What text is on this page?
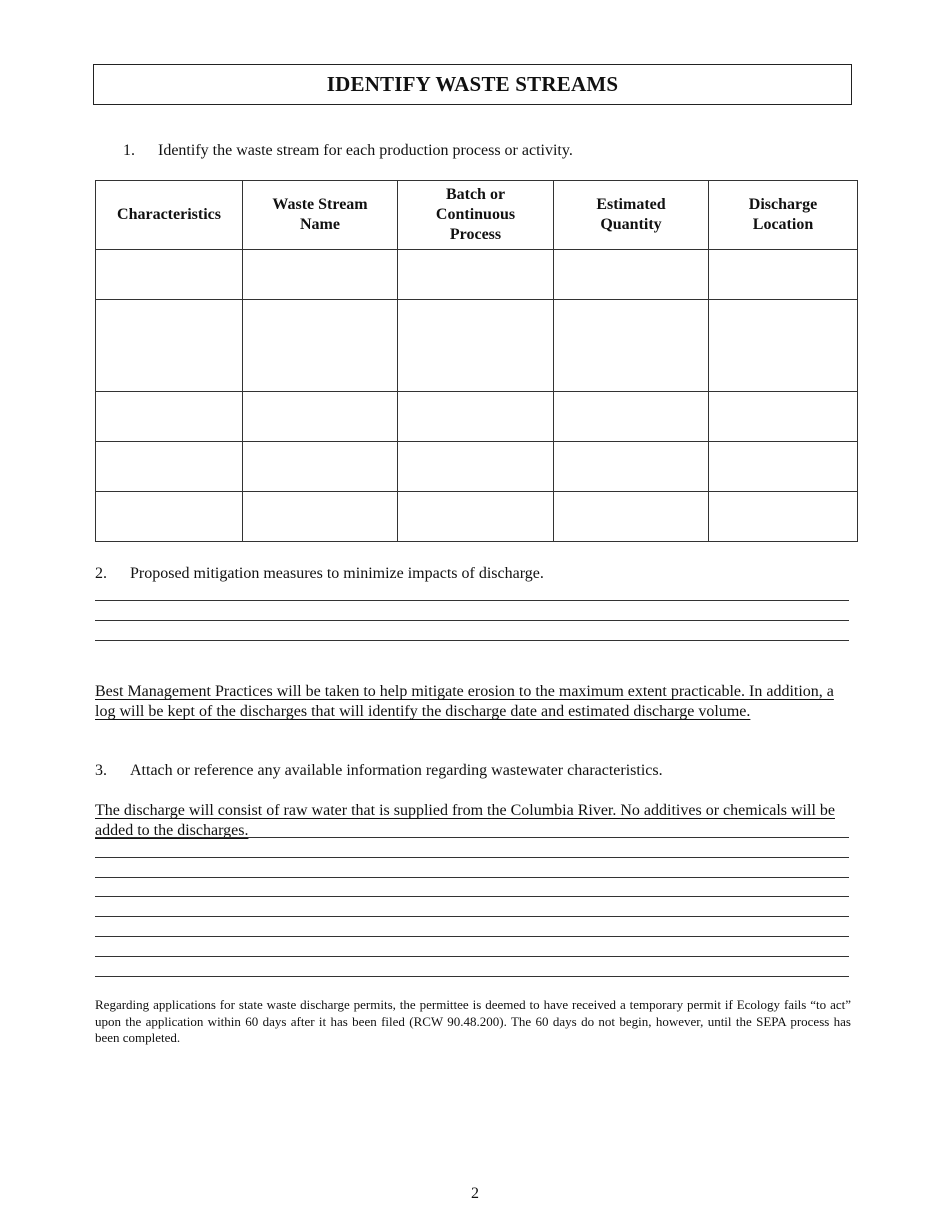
IDENTIFY WASTE STREAMS
1. Identify the waste stream for each production process or activity.
Characteristics	Waste Stream Name	Batch or Continuous Process	Estimated Quantity	Discharge Location

2. Proposed mitigation measures to minimize impacts of discharge.
Best Management Practices will be taken to help mitigate erosion to the maximum extent practicable. In addition, a log will be kept of the discharges that will identify the discharge date and estimated discharge volume.
3. Attach or reference any available information regarding wastewater characteristics.
The discharge will consist of raw water that is supplied from the Columbia River. No additives or chemicals will be added to the discharges.
Regarding applications for state waste discharge permits, the permittee is deemed to have received a temporary permit if Ecology fails “to act” upon the application within 60 days after it has been filed (RCW 90.48.200). The 60 days do not begin, however, until the SEPA process has been completed.
2
